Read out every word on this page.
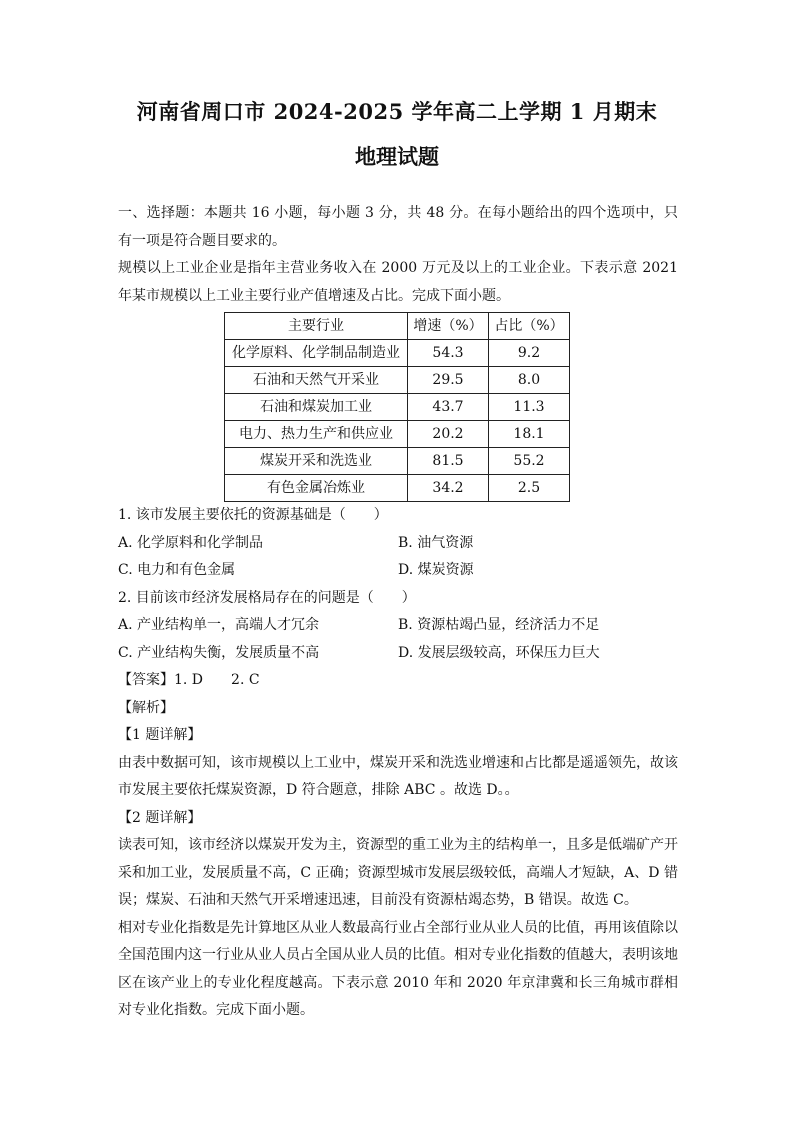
河南省周口市 2024-2025 学年高二上学期 1 月期末
地理试题

一、选择题：本题共 16 小题，每小题 3 分，共 48 分。在每小题给出的四个选项中，只有一项是符合题目要求的。

规模以上工业企业是指年主营业务收入在 2000 万元及以上的工业企业。下表示意 2021 年某市规模以上工业主要行业产值增速及占比。完成下面小题。

主要行业	增速（%）	占比（%）
化学原料、化学制品制造业	54.3	9.2
石油和天然气开采业	29.5	8.0
石油和煤炭加工业	43.7	11.3
电力、热力生产和供应业	20.2	18.1
煤炭开采和洗选业	81.5	55.2
有色金属冶炼业	34.2	2.5

1. 该市发展主要依托的资源基础是（　　）

A. 化学原料和化学制品	B. 油气资源
C. 电力和有色金属	D. 煤炭资源

2. 目前该市经济发展格局存在的问题是（　　）

A. 产业结构单一，高端人才冗余	B. 资源枯竭凸显，经济活力不足
C. 产业结构失衡，发展质量不高	D. 发展层级较高，环保压力巨大

【答案】1. D　　2. C

【解析】

【1 题详解】

由表中数据可知，该市规模以上工业中，煤炭开采和洗选业增速和占比都是遥遥领先，故该市发展主要依托煤炭资源，D 符合题意，排除 ABC 。故选 D。。

【2 题详解】

读表可知，该市经济以煤炭开发为主，资源型的重工业为主的结构单一，且多是低端矿产开采和加工业，发展质量不高，C 正确；资源型城市发展层级较低，高端人才短缺，A、D 错误；煤炭、石油和天然气开采增速迅速，目前没有资源枯竭态势，B 错误。故选 C。

相对专业化指数是先计算地区从业人数最高行业占全部行业从业人员的比值，再用该值除以全国范围内这一行业从业人员占全国从业人员的比值。相对专业化指数的值越大，表明该地区在该产业上的专业化程度越高。下表示意 2010 年和 2020 年京津冀和长三角城市群相对专业化指数。完成下面小题。
